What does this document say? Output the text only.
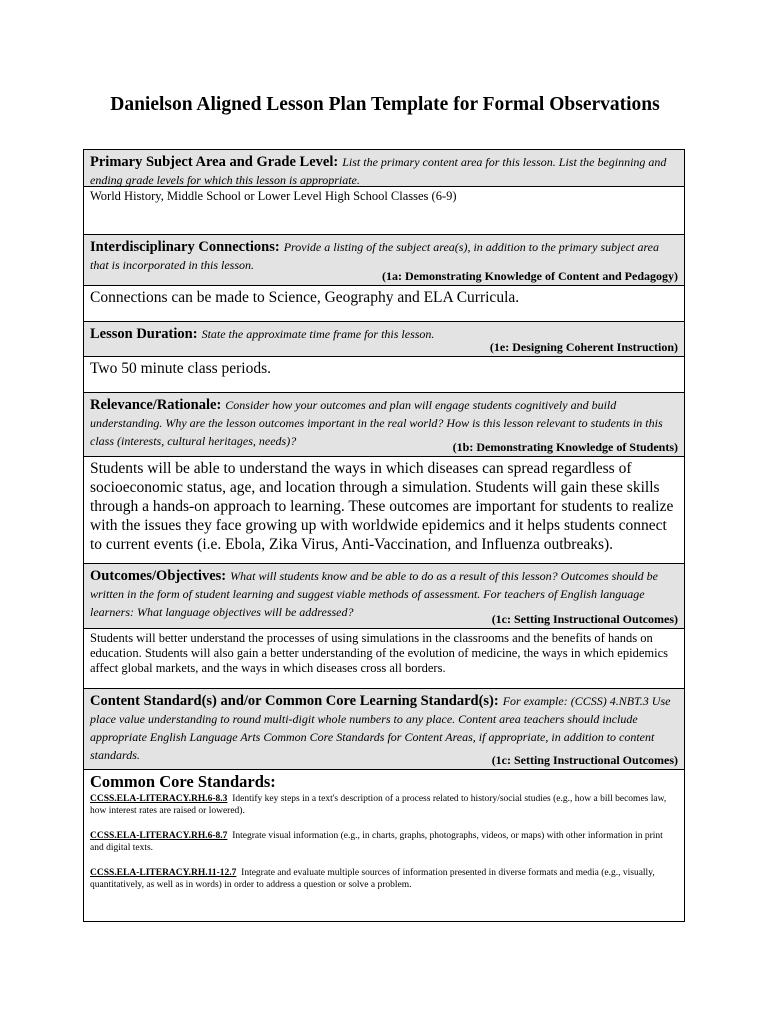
Danielson Aligned Lesson Plan Template for Formal Observations
Primary Subject Area and Grade Level: List the primary content area for this lesson. List the beginning and ending grade levels for which this lesson is appropriate.
World History, Middle School or Lower Level High School Classes (6-9)
Interdisciplinary Connections: Provide a listing of the subject area(s), in addition to the primary subject area that is incorporated in this lesson.
(1a: Demonstrating Knowledge of Content and Pedagogy)
Connections can be made to Science, Geography and ELA Curricula.
Lesson Duration: State the approximate time frame for this lesson.
(1e: Designing Coherent Instruction)
Two 50 minute class periods.
Relevance/Rationale: Consider how your outcomes and plan will engage students cognitively and build understanding. Why are the lesson outcomes important in the real world? How is this lesson relevant to students in this class (interests, cultural heritages, needs)?	(1b: Demonstrating Knowledge of Students)
Students will be able to understand the ways in which diseases can spread regardless of socioeconomic status, age, and location through a simulation. Students will gain these skills through a hands-on approach to learning. These outcomes are important for students to realize with the issues they face growing up with worldwide epidemics and it helps students connect to current events (i.e. Ebola, Zika Virus, Anti-Vaccination, and Influenza outbreaks).
Outcomes/Objectives: What will students know and be able to do as a result of this lesson? Outcomes should be written in the form of student learning and suggest viable methods of assessment. For teachers of English language learners: What language objectives will be addressed?	(1c: Setting Instructional Outcomes)
Students will better understand the processes of using simulations in the classrooms and the benefits of hands on education. Students will also gain a better understanding of the evolution of medicine, the ways in which epidemics affect global markets, and the ways in which diseases cross all borders.
Content Standard(s) and/or Common Core Learning Standard(s): For example: (CCSS) 4.NBT.3 Use place value understanding to round multi-digit whole numbers to any place. Content area teachers should include appropriate English Language Arts Common Core Standards for Content Areas, if appropriate, in addition to content standards.	(1c: Setting Instructional Outcomes)
Common Core Standards:
CCSS.ELA-LITERACY.RH.6-8.3 Identify key steps in a text's description of a process related to history/social studies (e.g., how a bill becomes law, how interest rates are raised or lowered).
CCSS.ELA-LITERACY.RH.6-8.7 Integrate visual information (e.g., in charts, graphs, photographs, videos, or maps) with other information in print and digital texts.
CCSS.ELA-LITERACY.RH.11-12.7 Integrate and evaluate multiple sources of information presented in diverse formats and media (e.g., visually, quantitatively, as well as in words) in order to address a question or solve a problem.
